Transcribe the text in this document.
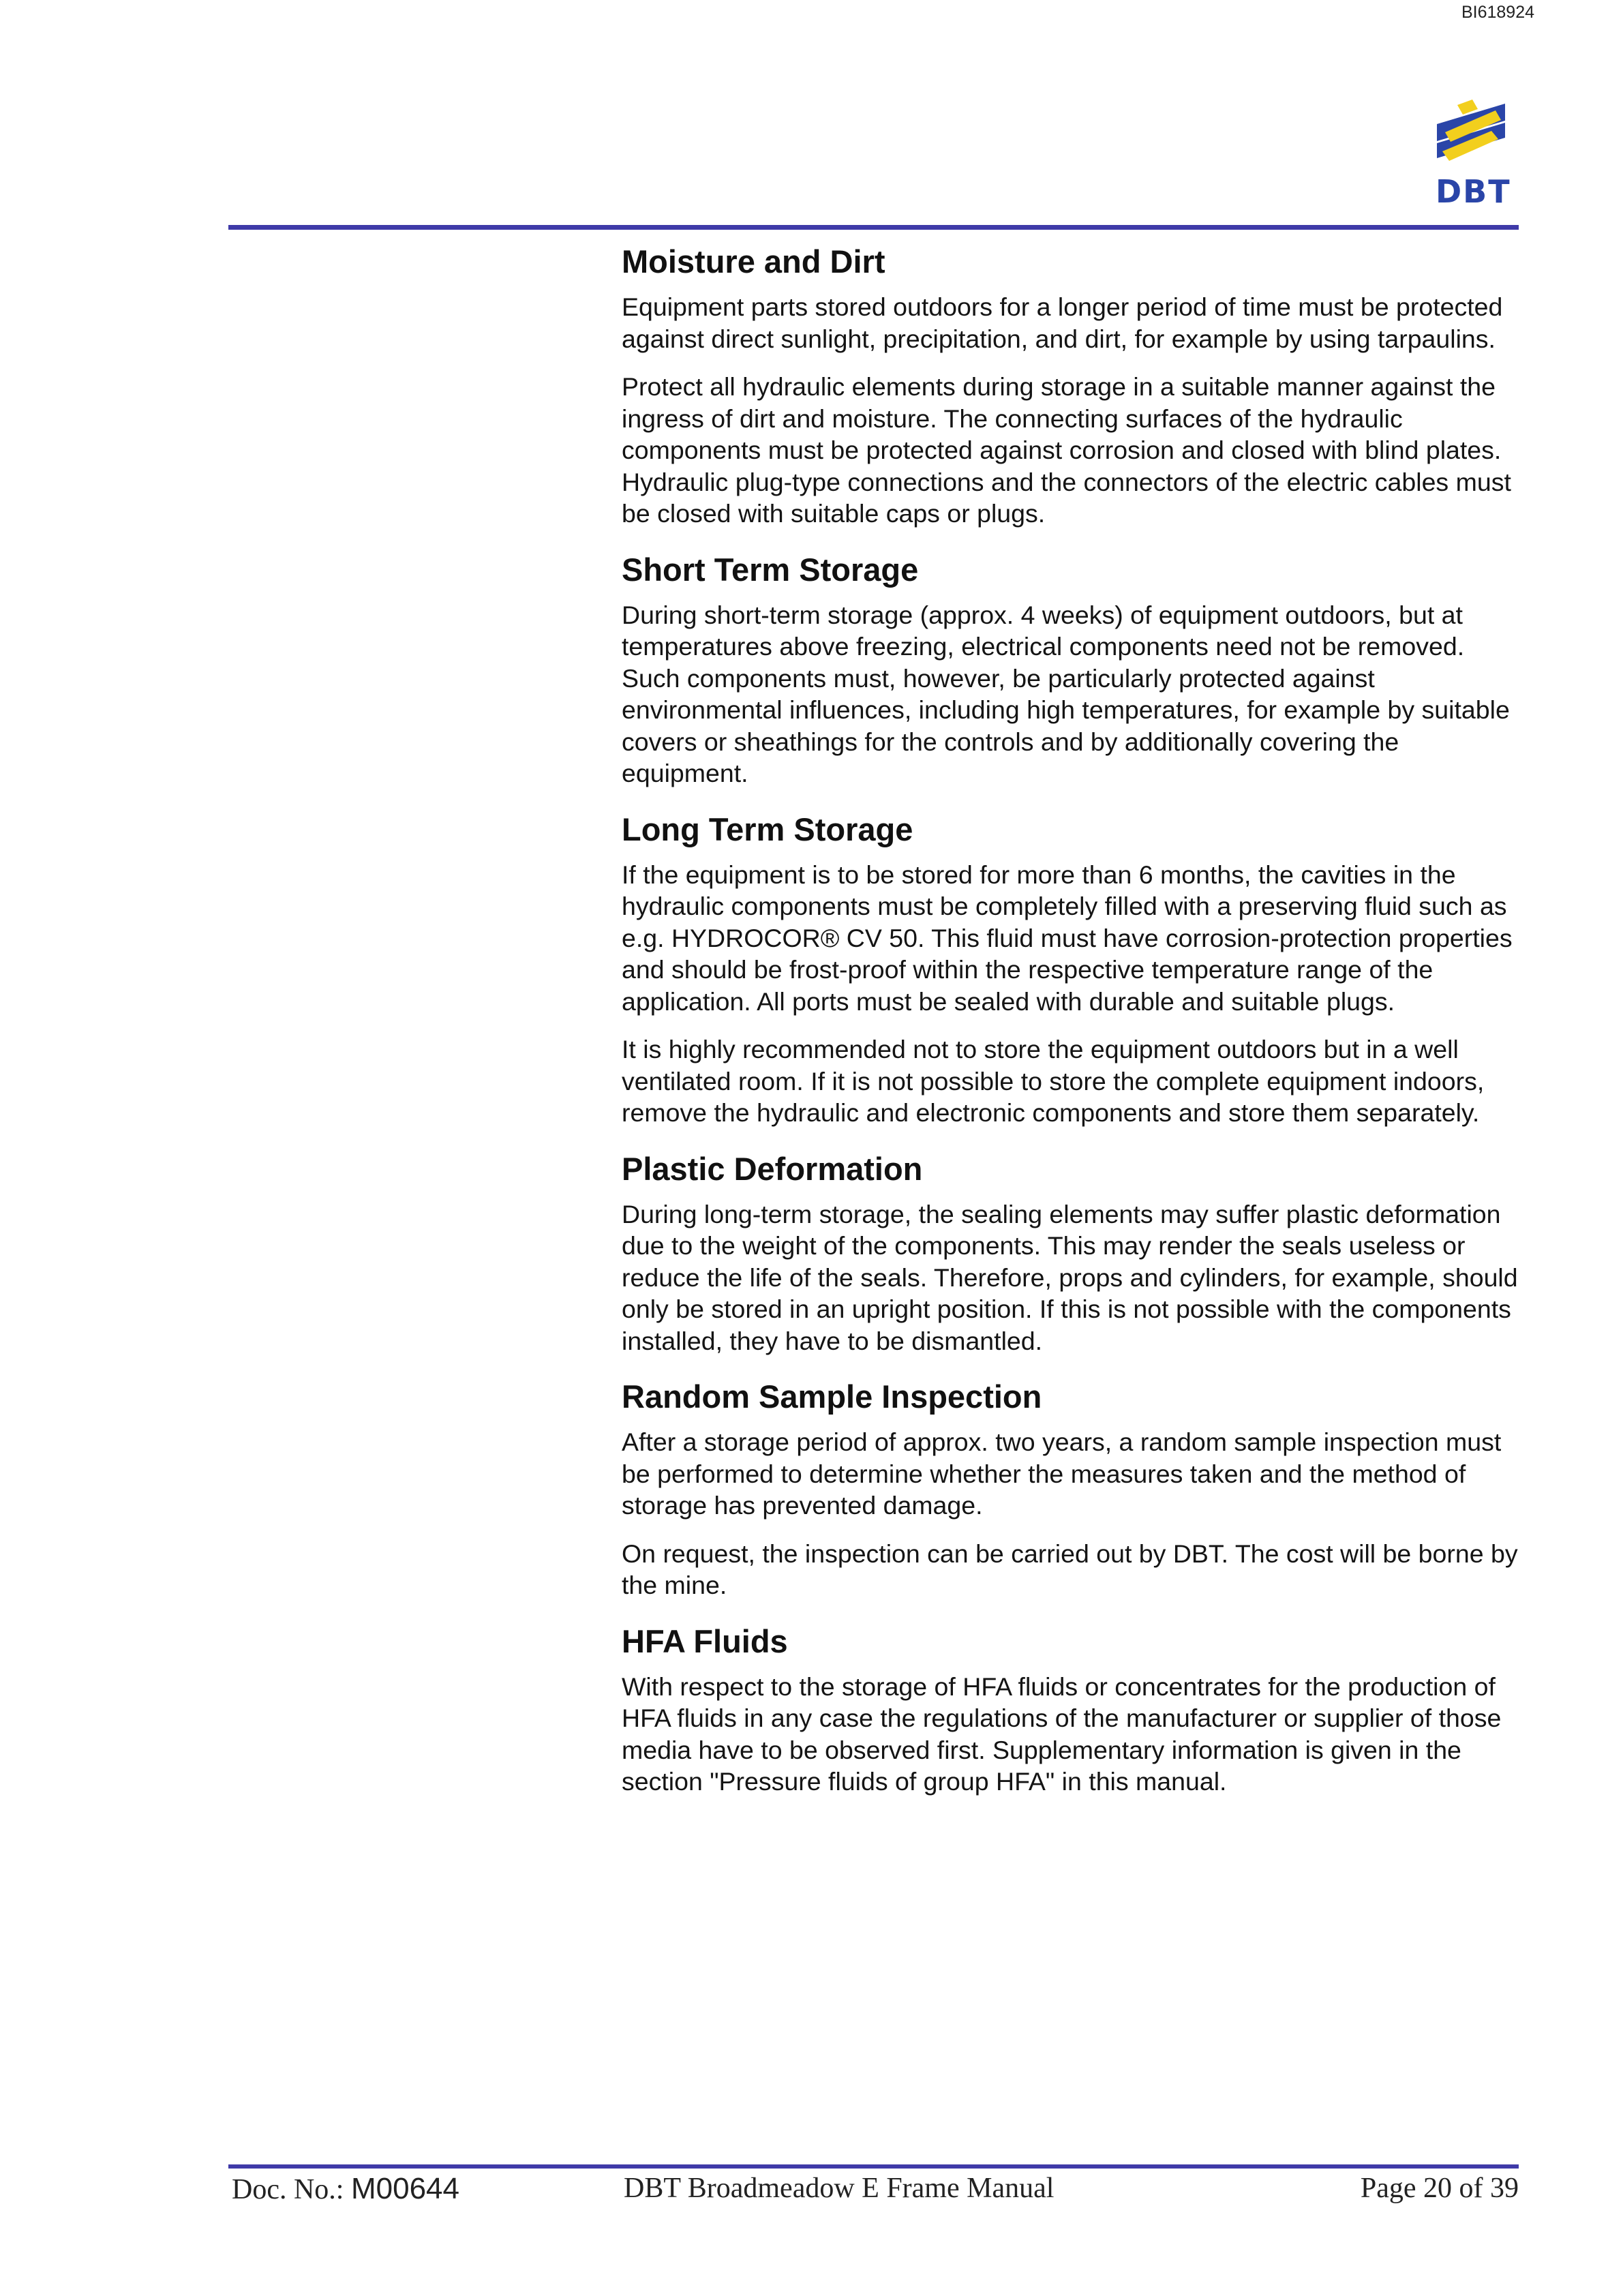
BI618924
DBT
Moisture and Dirt

Equipment parts stored outdoors for a longer period of time must be protected against direct sunlight, precipitation, and dirt, for example by using tarpaulins.

Protect all hydraulic elements during storage in a suitable manner against the ingress of dirt and moisture. The connecting surfaces of the hydraulic components must be protected against corrosion and closed with blind plates. Hydraulic plug-type connections and the connectors of the electric cables must be closed with suitable caps or plugs.

Short Term Storage

During short-term storage (approx. 4 weeks) of equipment outdoors, but at temperatures above freezing, electrical components need not be removed. Such components must, however, be particularly protected against environmental influences, including high temperatures, for example by suitable covers or sheathings for the controls and by additionally covering the equipment.

Long Term Storage

If the equipment is to be stored for more than 6 months, the cavities in the hydraulic components must be completely filled with a preserving fluid such as e.g. HYDROCOR® CV 50. This fluid must have corrosion-protection properties and should be frost-proof within the respective temperature range of the application. All ports must be sealed with durable and suitable plugs.

It is highly recommended not to store the equipment outdoors but in a well ventilated room. If it is not possible to store the complete equipment indoors, remove the hydraulic and electronic components and store them separately.

Plastic Deformation

During long-term storage, the sealing elements may suffer plastic deformation due to the weight of the components. This may render the seals useless or reduce the life of the seals. Therefore, props and cylinders, for example, should only be stored in an upright position. If this is not possible with the components installed, they have to be dismantled.

Random Sample Inspection

After a storage period of approx. two years, a random sample inspection must be performed to determine whether the measures taken and the method of storage has prevented damage.

On request, the inspection can be carried out by DBT. The cost will be borne by the mine.

HFA Fluids

With respect to the storage of HFA fluids or concentrates for the production of HFA fluids in any case the regulations of the manufacturer or supplier of those media have to be observed first. Supplementary information is given in the section "Pressure fluids of group HFA" in this manual.

Doc. No.: M00644	DBT Broadmeadow E Frame Manual	Page 20 of 39
